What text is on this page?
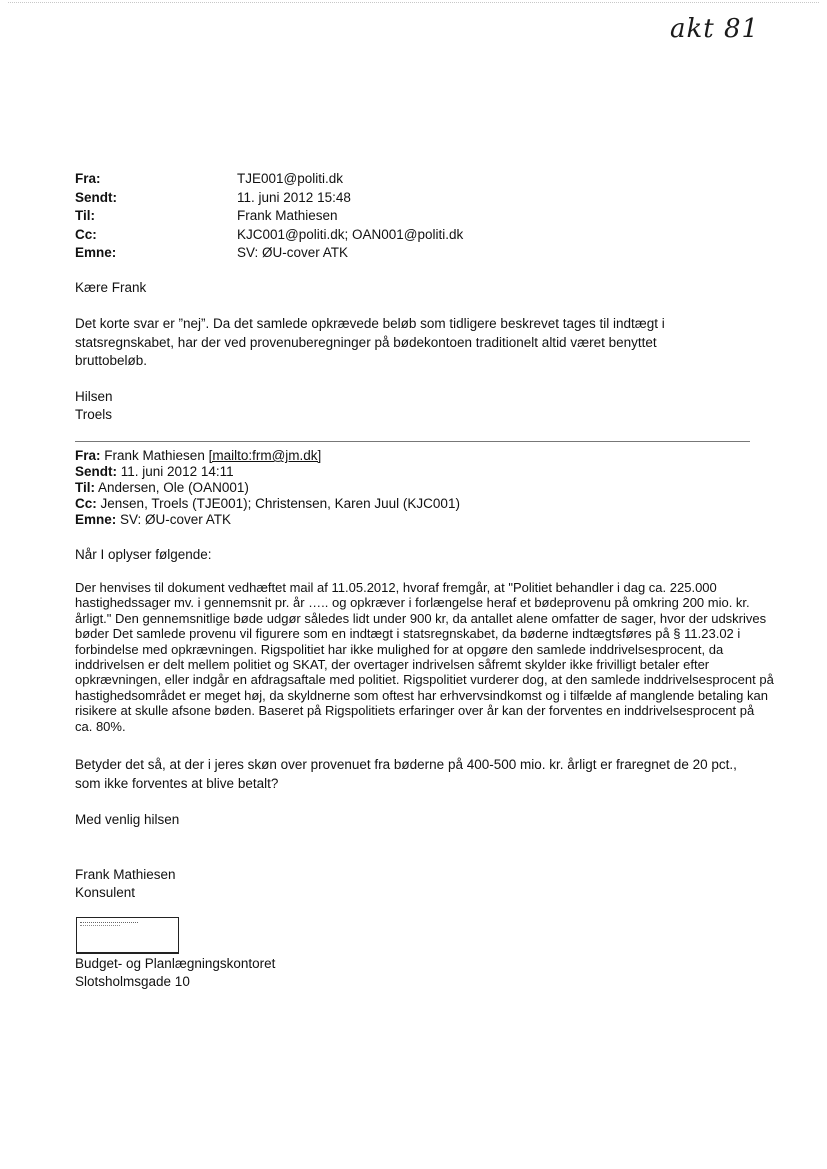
akt 81
Fra:	TJE001@politi.dk
Sendt:	11. juni 2012 15:48
Til:	Frank Mathiesen
Cc:	KJC001@politi.dk; OAN001@politi.dk
Emne:	SV: ØU-cover ATK
Kære Frank
Det korte svar er ”nej”. Da det samlede opkrævede beløb som tidligere beskrevet tages til indtægt i statsregnskabet, har der ved provenuberegninger på bødekontoen traditionelt altid været benyttet bruttobeløb.
Hilsen
Troels
Fra: Frank Mathiesen [mailto:frm@jm.dk]
Sendt: 11. juni 2012 14:11
Til: Andersen, Ole (OAN001)
Cc: Jensen, Troels (TJE001); Christensen, Karen Juul (KJC001)
Emne: SV: ØU-cover ATK
Når I oplyser følgende:
Der henvises til dokument vedhæftet mail af 11.05.2012, hvoraf fremgår, at "Politiet behandler i dag ca. 225.000 hastighedssager mv. i gennemsnit pr. år ….. og opkræver i forlængelse heraf et bødeprovenu på omkring 200 mio. kr. årligt." Den gennemsnitlige bøde udgør således lidt under 900 kr, da antallet alene omfatter de sager, hvor der udskrives bøder Det samlede provenu vil figurere som en indtægt i statsregnskabet, da bøderne indtægtsføres på § 11.23.02 i forbindelse med opkrævningen. Rigspolitiet har ikke mulighed for at opgøre den samlede inddrivelsesprocent, da inddrivelsen er delt mellem politiet og SKAT, der overtager indrivelsen såfremt skylder ikke frivilligt betaler efter opkrævningen, eller indgår en afdragsaftale med politiet. Rigspolitiet vurderer dog, at den samlede inddrivelsesprocent på hastighedsområdet er meget høj, da skyldnerne som oftest har erhvervsindkomst og i tilfælde af manglende betaling kan risikere at skulle afsone bøden. Baseret på Rigspolitiets erfaringer over år kan der forventes en inddrivelsesprocent på ca. 80%.
Betyder det så, at der i jeres skøn over provenuet fra bøderne på 400-500 mio. kr. årligt er fraregnet de 20 pct., som ikke forventes at blive betalt?
Med venlig hilsen
Frank Mathiesen
Konsulent
Budget- og Planlægningskontoret
Slotsholmsgade 10
